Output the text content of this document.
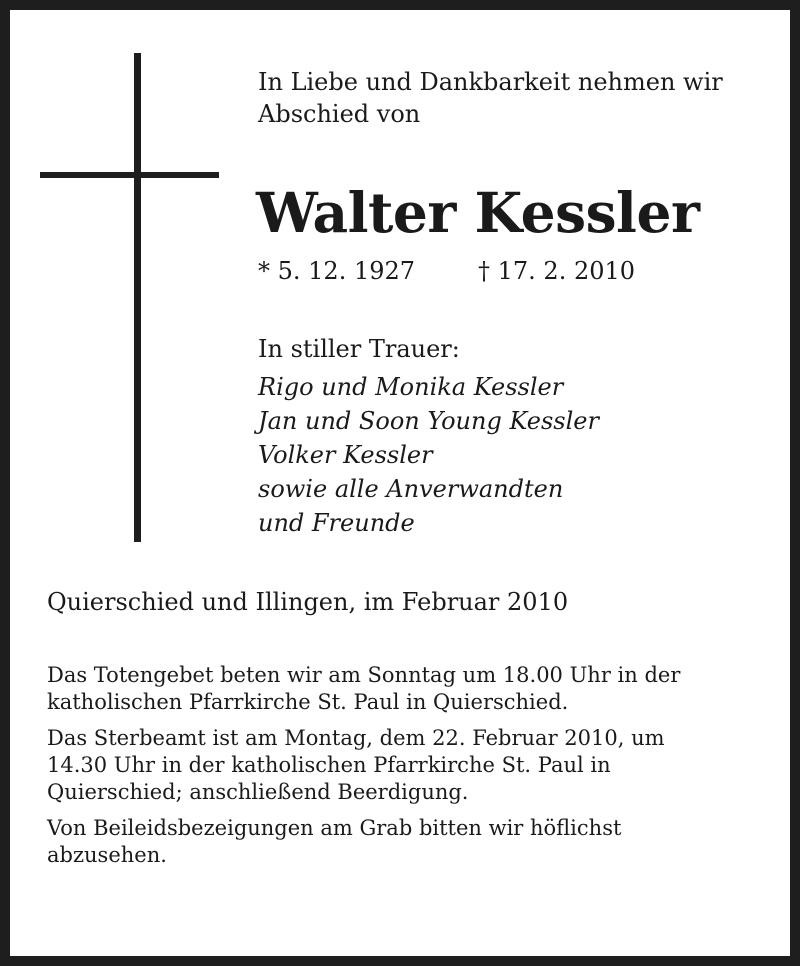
In Liebe und Dankbarkeit nehmen wir
Abschied von
Walter Kessler
* 5. 12. 1927	† 17. 2. 2010
In stiller Trauer:
Rigo und Monika Kessler
Jan und Soon Young Kessler
Volker Kessler
sowie alle Anverwandten
und Freunde
Quierschied und Illingen, im Februar 2010

Das Totengebet beten wir am Sonntag um 18.00 Uhr in der
katholischen Pfarrkirche St. Paul in Quierschied.

Das Sterbeamt ist am Montag, dem 22. Februar 2010, um
14.30 Uhr in der katholischen Pfarrkirche St. Paul in
Quierschied; anschließend Beerdigung.

Von Beileidsbezeigungen am Grab bitten wir höflichst
abzusehen.
